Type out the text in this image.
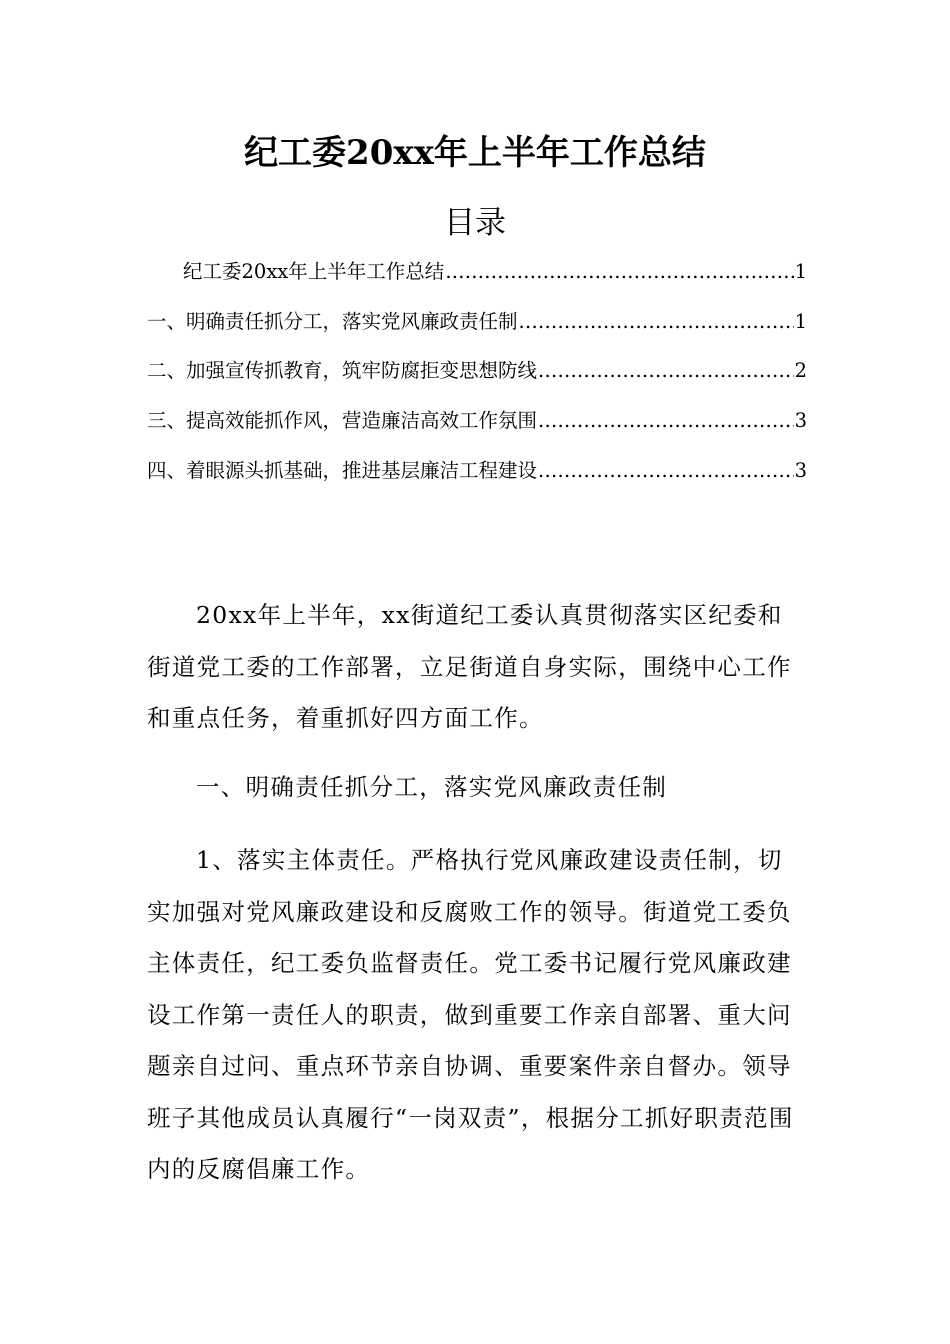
纪工委20xx年上半年工作总结
目录
纪工委20xx年上半年工作总结 .....	1
一、明确责任抓分工，落实党风廉政责任制 .....	1
二、加强宣传抓教育，筑牢防腐拒变思想防线 .....	2
三、提高效能抓作风，营造廉洁高效工作氛围 .....	3
四、着眼源头抓基础，推进基层廉洁工程建设 .....	3

20xx年上半年，xx街道纪工委认真贯彻落实区纪委和街道党工委的工作部署，立足街道自身实际，围绕中心工作和重点任务，着重抓好四方面工作。

一、明确责任抓分工，落实党风廉政责任制

1、落实主体责任。严格执行党风廉政建设责任制，切实加强对党风廉政建设和反腐败工作的领导。街道党工委负主体责任，纪工委负监督责任。党工委书记履行党风廉政建设工作第一责任人的职责，做到重要工作亲自部署、重大问题亲自过问、重点环节亲自协调、重要案件亲自督办。领导班子其他成员认真履行“一岗双责”，根据分工抓好职责范围内的反腐倡廉工作。
